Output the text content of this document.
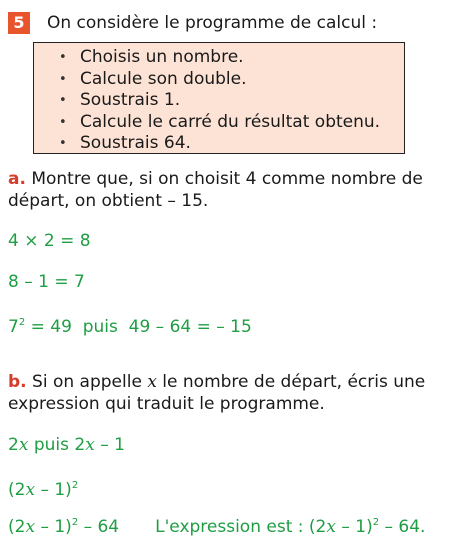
5	On considère le programme de calcul :
• Choisis un nombre.
• Calcule son double.
• Soustrais 1.
• Calcule le carré du résultat obtenu.
• Soustrais 64.
a. Montre que, si on choisit 4 comme nombre de départ, on obtient – 15.
4 × 2 = 8
8 – 1 = 7
$7^2 = 49$  puis  49 – 64 = – 15
b. Si on appelle x le nombre de départ, écris une expression qui traduit le programme.
2x puis 2x – 1
(2x – 1)$^2$
(2x – 1)$^2$ – 64 L'expression est : (2x – 1)$^2$ – 64.
